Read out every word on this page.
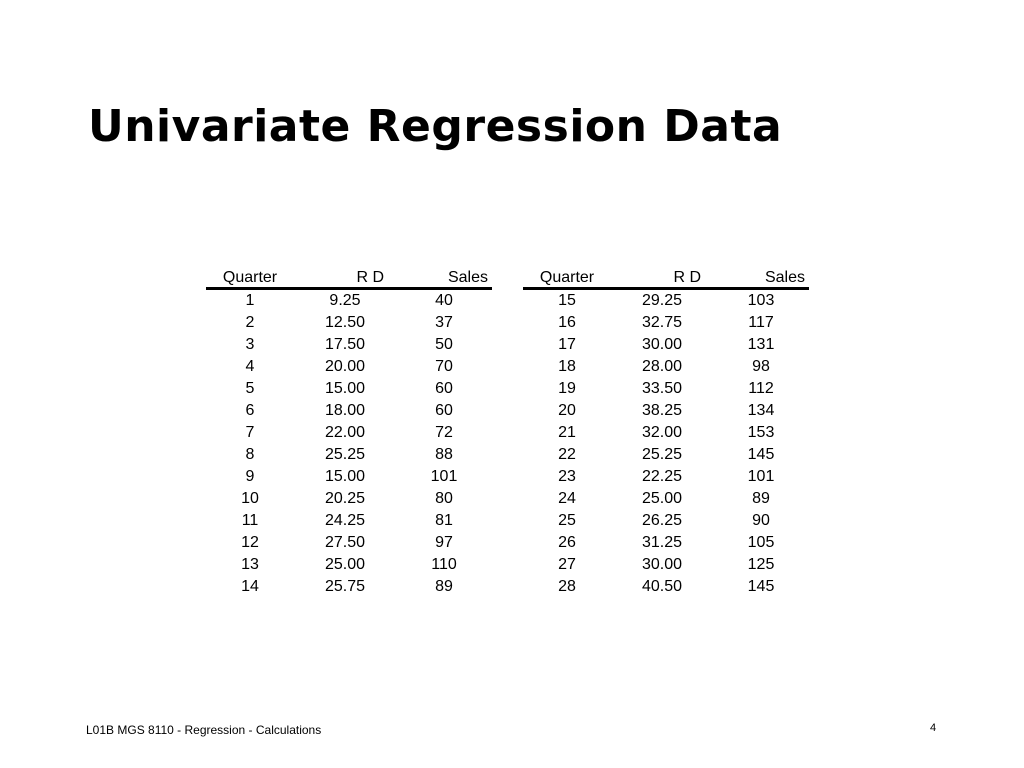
Univariate Regression Data
Quarter	R D	Sales
1	9.25	40
2	12.50	37
3	17.50	50
4	20.00	70
5	15.00	60
6	18.00	60
7	22.00	72
8	25.25	88
9	15.00	101
10	20.25	80
11	24.25	81
12	27.50	97
13	25.00	110
14	25.75	89
Quarter	R D	Sales
15	29.25	103
16	32.75	117
17	30.00	131
18	28.00	98
19	33.50	112
20	38.25	134
21	32.00	153
22	25.25	145
23	22.25	101
24	25.00	89
25	26.25	90
26	31.25	105
27	30.00	125
28	40.50	145
L01B MGS 8110 - Regression - Calculations	4
